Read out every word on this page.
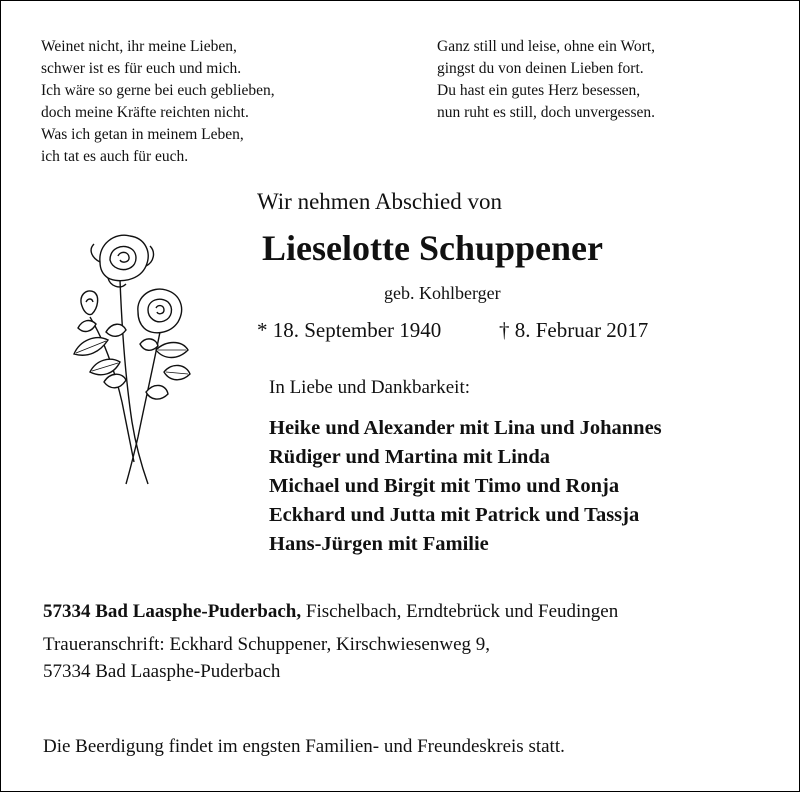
Weinet nicht, ihr meine Lieben,
schwer ist es für euch und mich.
Ich wäre so gerne bei euch geblieben,
doch meine Kräfte reichten nicht.
Was ich getan in meinem Leben,
ich tat es auch für euch.
Ganz still und leise, ohne ein Wort,
gingst du von deinen Lieben fort.
Du hast ein gutes Herz besessen,
nun ruht es still, doch unvergessen.
Wir nehmen Abschied von
Lieselotte Schuppener
geb. Kohlberger
* 18. September 1940	† 8. Februar 2017
In Liebe und Dankbarkeit:
Heike und Alexander mit Lina und Johannes
Rüdiger und Martina mit Linda
Michael und Birgit mit Timo und Ronja
Eckhard und Jutta mit Patrick und Tassja
Hans-Jürgen mit Familie
57334 Bad Laasphe-Puderbach, Fischelbach, Erndtebrück und Feudingen
Traueranschrift: Eckhard Schuppener, Kirschwiesenweg 9,
57334 Bad Laasphe-Puderbach
Die Beerdigung findet im engsten Familien- und Freundeskreis statt.
